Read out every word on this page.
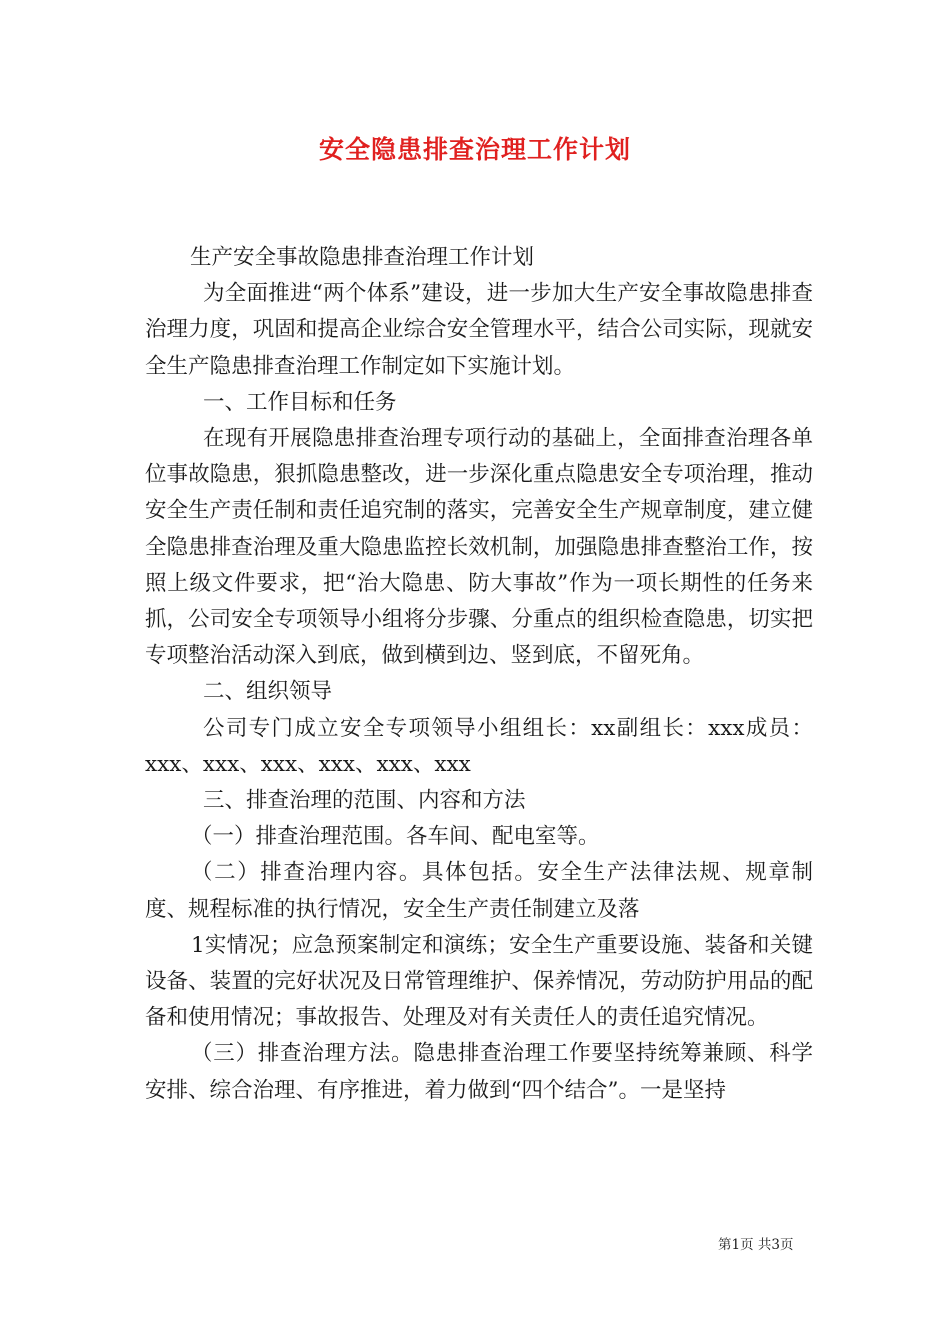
安全隐患排查治理工作计划

生产安全事故隐患排查治理工作计划

为全面推进“两个体系”建设，进一步加大生产安全事故隐患排查治理力度，巩固和提高企业综合安全管理水平，结合公司实际，现就安全生产隐患排查治理工作制定如下实施计划。

一、工作目标和任务

在现有开展隐患排查治理专项行动的基础上，全面排查治理各单位事故隐患，狠抓隐患整改，进一步深化重点隐患安全专项治理，推动安全生产责任制和责任追究制的落实，完善安全生产规章制度，建立健全隐患排查治理及重大隐患监控长效机制，加强隐患排查整治工作，按照上级文件要求，把“治大隐患、防大事故”作为一项长期性的任务来抓，公司安全专项领导小组将分步骤、分重点的组织检查隐患，切实把专项整治活动深入到底，做到横到边、竖到底，不留死角。

二、组织领导

公司专门成立安全专项领导小组组长：xx副组长：xxx成员：xxx、xxx、xxx、xxx、xxx、xxx

三、排查治理的范围、内容和方法

（一）排查治理范围。各车间、配电室等。

（二）排查治理内容。具体包括。安全生产法律法规、规章制度、规程标准的执行情况，安全生产责任制建立及落

1实情况；应急预案制定和演练；安全生产重要设施、装备和关键设备、装置的完好状况及日常管理维护、保养情况，劳动防护用品的配备和使用情况；事故报告、处理及对有关责任人的责任追究情况。

（三）排查治理方法。隐患排查治理工作要坚持统筹兼顾、科学安排、综合治理、有序推进，着力做到“四个结合”。一是坚持

第1页 共3页
